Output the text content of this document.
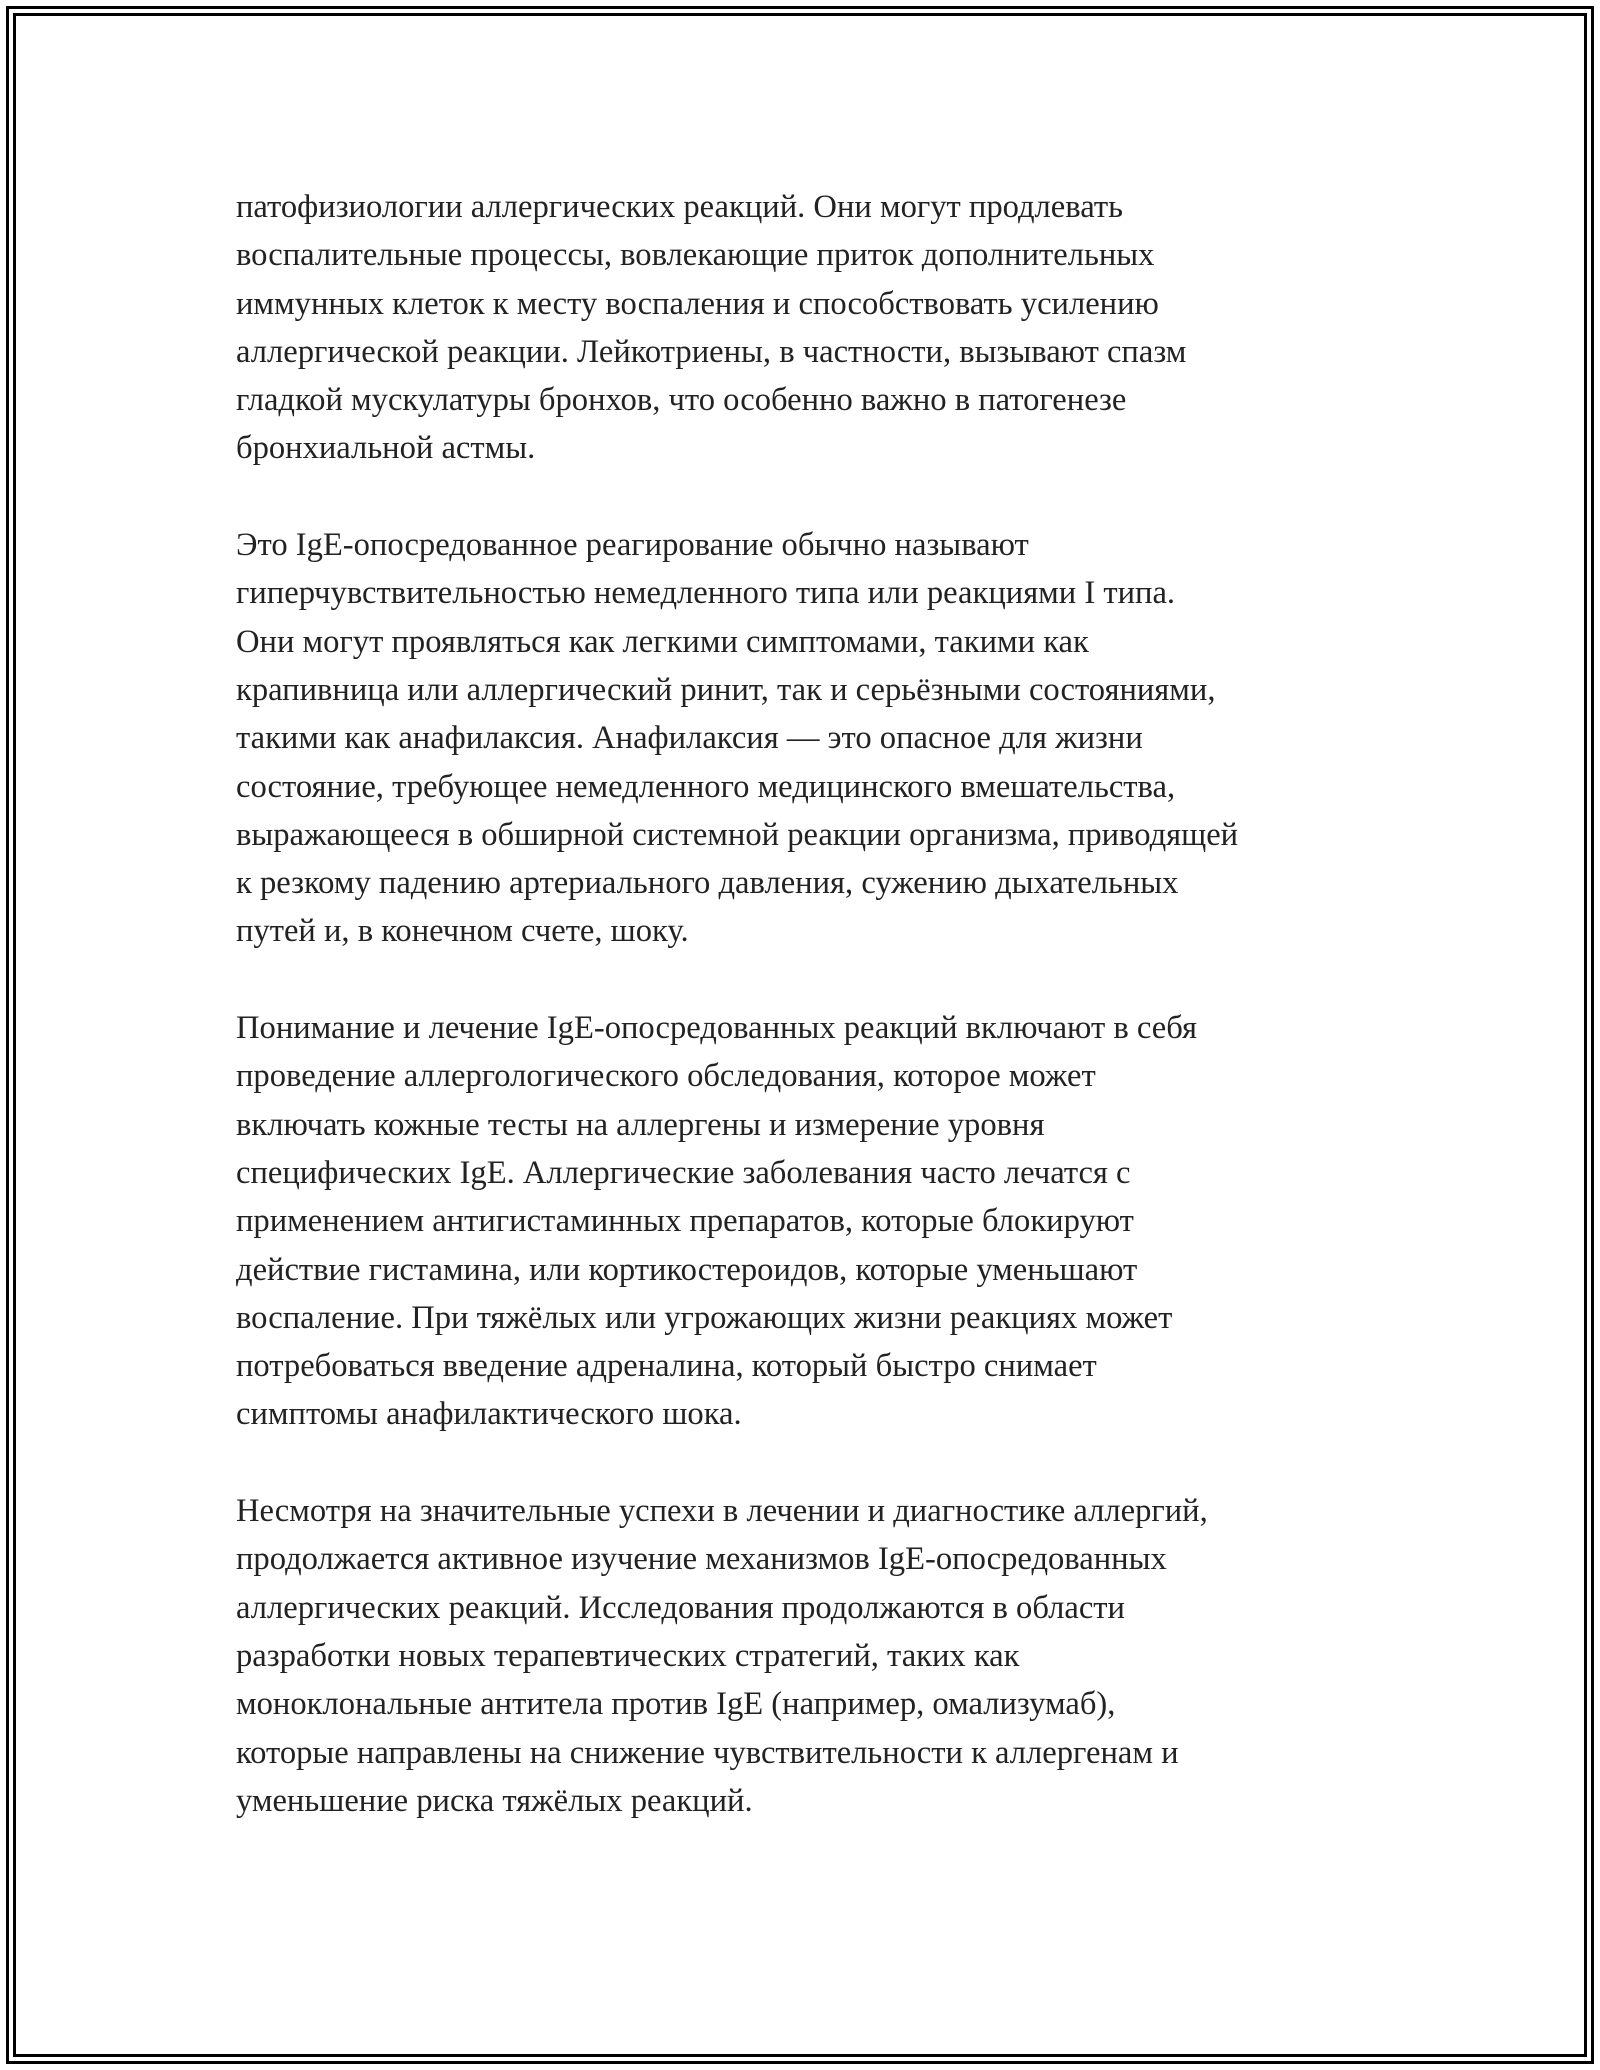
патофизиологии аллергических реакций. Они могут продлевать
воспалительные процессы, вовлекающие приток дополнительных
иммунных клеток к месту воспаления и способствовать усилению
аллергической реакции. Лейкотриены, в частности, вызывают спазм
гладкой мускулатуры бронхов, что особенно важно в патогенезе
бронхиальной астмы.
Это IgE-опосредованное реагирование обычно называют
гиперчувствительностью немедленного типа или реакциями I типа.
Они могут проявляться как легкими симптомами, такими как
крапивница или аллергический ринит, так и серьёзными состояниями,
такими как анафилаксия. Анафилаксия — это опасное для жизни
состояние, требующее немедленного медицинского вмешательства,
выражающееся в обширной системной реакции организма, приводящей
к резкому падению артериального давления, сужению дыхательных
путей и, в конечном счете, шоку.
Понимание и лечение IgE-опосредованных реакций включают в себя
проведение аллергологического обследования, которое может
включать кожные тесты на аллергены и измерение уровня
специфических IgE. Аллергические заболевания часто лечатся с
применением антигистаминных препаратов, которые блокируют
действие гистамина, или кортикостероидов, которые уменьшают
воспаление. При тяжёлых или угрожающих жизни реакциях может
потребоваться введение адреналина, который быстро снимает
симптомы анафилактического шока.
Несмотря на значительные успехи в лечении и диагностике аллергий,
продолжается активное изучение механизмов IgE-опосредованных
аллергических реакций. Исследования продолжаются в области
разработки новых терапевтических стратегий, таких как
моноклональные антитела против IgE (например, омализумаб),
которые направлены на снижение чувствительности к аллергенам и
уменьшение риска тяжёлых реакций.
